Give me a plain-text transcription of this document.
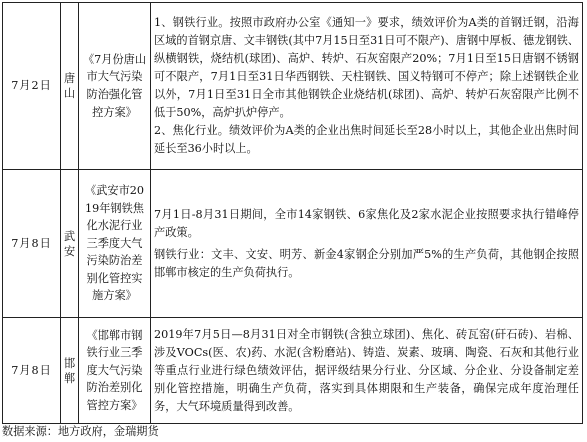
7月2日	唐山	《7月份唐山市大气污染防治强化管控方案》	1、钢铁行业。按照市政府办公室《通知一》要求，绩效评价为A类的首钢迁钢，沿海区域的首钢京唐、文丰钢铁(其中7月15日至31日可不限产)、唐钢中厚板、德龙钢铁、纵横钢铁，烧结机(球团)、高炉、转炉、石灰窑限产20%；7月1日至15日唐钢不锈钢可不限产，7月1日至31日华西钢铁、天柱钢铁、国义特钢可不停产；除上述钢铁企业以外，7月1日至31日全市其他钢铁企业烧结机(球团)、高炉、转炉石灰窑限产比例不低于50%，高炉扒炉停产。

2、焦化行业。绩效评价为A类的企业出焦时间延长至28小时以上，其他企业出焦时间延长至36小时以上。

7月8日	武安	《武安市2019年钢铁焦化水泥行业三季度大气污染防治差别化管控实施方案》	7月1日-8月31日期间，全市14家钢铁、6家焦化及2家水泥企业按照要求执行错峰停产政策。

钢铁行业：文丰、文安、明芳、新金4家钢企分别加严5%的生产负荷，其他钢企按照邯郸市核定的生产负荷执行。

7月8日	邯郸	《邯郸市钢铁行业三季度大气污染防治差别化管控方案》	2019年7月5日—8月31日对全市钢铁(含独立球团)、焦化、砖瓦窑(矸石砖)、岩棉、涉及VOCs(医、农)药、水泥(含粉磨站)、铸造、炭素、玻璃、陶瓷、石灰和其他行业等重点行业进行绿色绩效评估，据评级结果分行业、分区域、分企业、分设备制定差别化管控措施，明确生产负荷，落实到具体期限和生产装备，确保完成年度治理任务，大气环境质量得到改善。

数据来源：地方政府，金瑞期货
